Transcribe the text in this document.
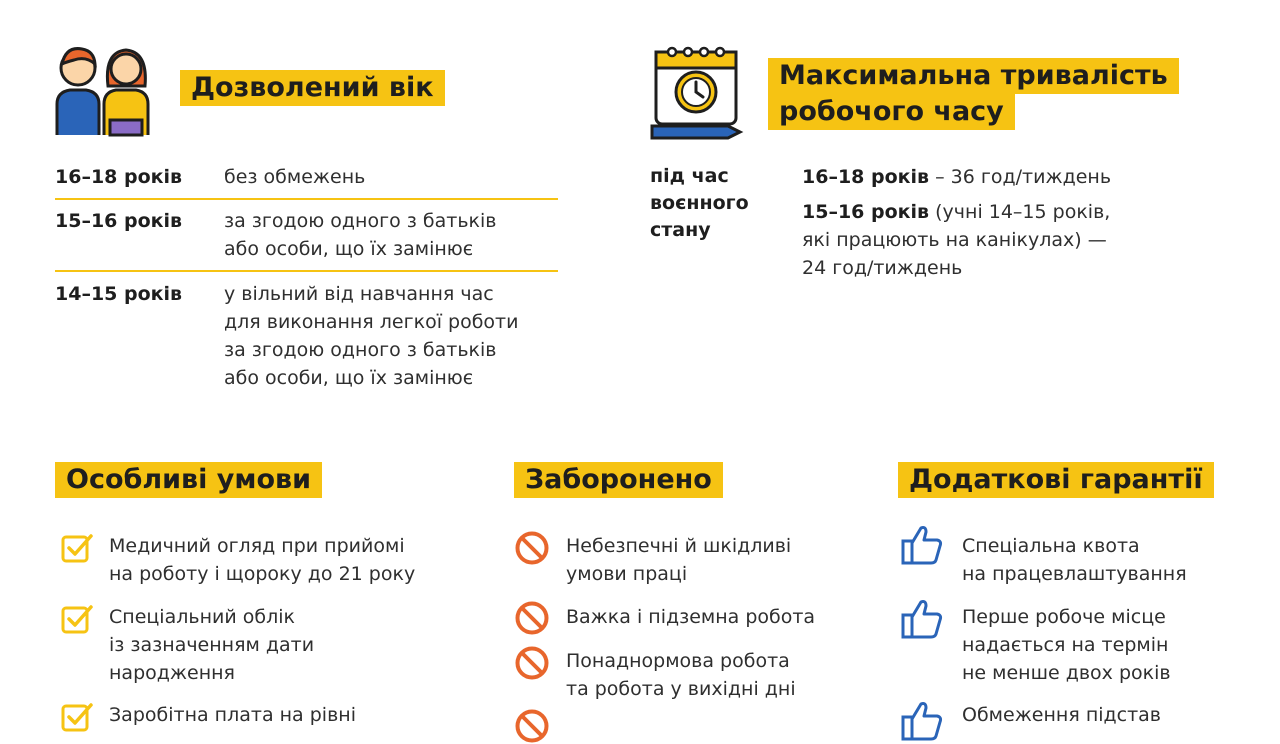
Дозволений вік
16–18 років без обмежень
15–16 років за згодою одного з батьків
або особи, що їх замінює
14–15 років у вільний від навчання час
для виконання легкої роботи
за згодою одного з батьків
або особи, що їх замінює
Максимальна тривалість
робочого часу
під час
воєнного
стану
16–18 років – 36 год/тиждень
15–16 років (учні 14–15 років,
які працюють на канікулах) —
24 год/тиждень
Особливі умови
Медичний огляд при прийомі
на роботу і щороку до 21 року
Спеціальний облік
із зазначенням дати
народження
Заробітна плата на рівні
Заборонено
Небезпечні й шкідливі
умови праці
Важка і підземна робота
Понаднормова робота
та робота у вихідні дні
Додаткові гарантії
Спеціальна квота
на працевлаштування
Перше робоче місце
надається на термін
не менше двох років
Обмеження підстав
